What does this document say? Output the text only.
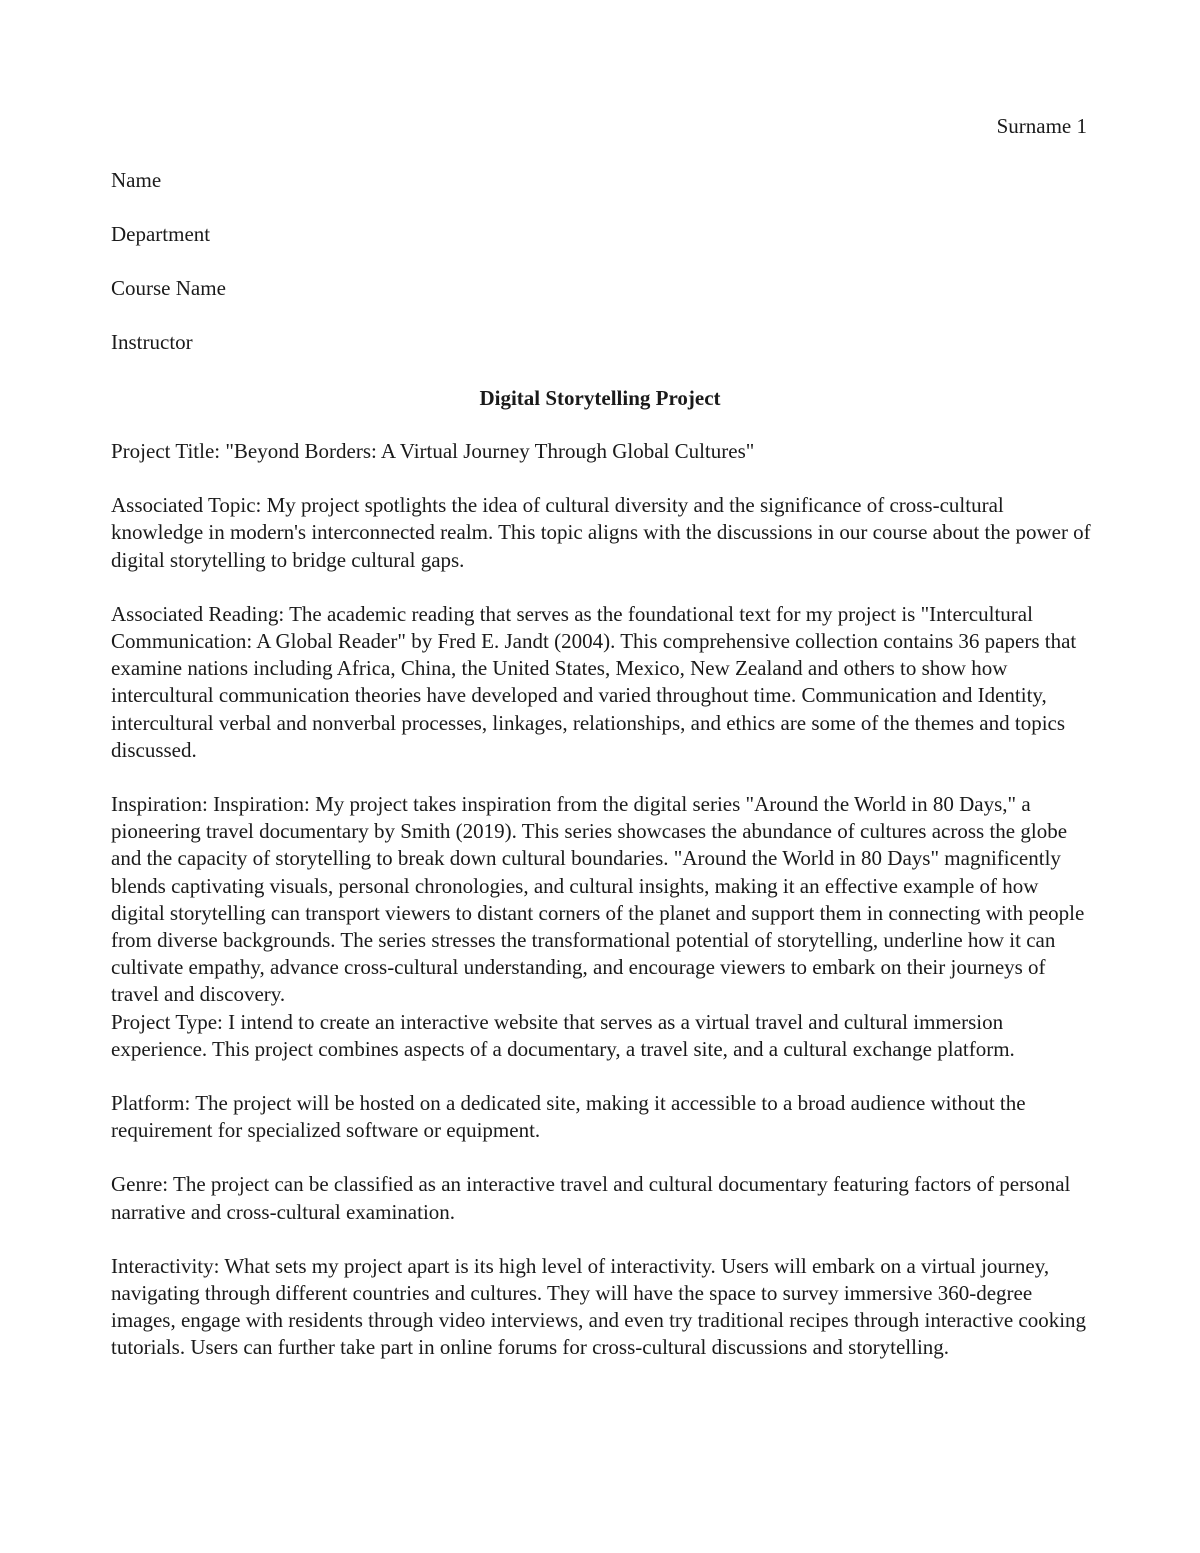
Surname 1
Name
Department
Course Name
Instructor
Digital Storytelling Project

Project Title: "Beyond Borders: A Virtual Journey Through Global Cultures"

Associated Topic: My project spotlights the idea of cultural diversity and the significance of cross-cultural knowledge in modern's interconnected realm. This topic aligns with the discussions in our course about the power of digital storytelling to bridge cultural gaps.

Associated Reading: The academic reading that serves as the foundational text for my project is "Intercultural Communication: A Global Reader" by Fred E. Jandt (2004). This comprehensive collection contains 36 papers that examine nations including Africa, China, the United States, Mexico, New Zealand and others to show how intercultural communication theories have developed and varied throughout time. Communication and Identity, intercultural verbal and nonverbal processes, linkages, relationships, and ethics are some of the themes and topics discussed.

Inspiration: Inspiration: My project takes inspiration from the digital series "Around the World in 80 Days," a pioneering travel documentary by Smith (2019). This series showcases the abundance of cultures across the globe and the capacity of storytelling to break down cultural boundaries. "Around the World in 80 Days" magnificently blends captivating visuals, personal chronologies, and cultural insights, making it an effective example of how digital storytelling can transport viewers to distant corners of the planet and support them in connecting with people from diverse backgrounds. The series stresses the transformational potential of storytelling, underline how it can cultivate empathy, advance cross-cultural understanding, and encourage viewers to embark on their journeys of travel and discovery.

Project Type: I intend to create an interactive website that serves as a virtual travel and cultural immersion experience. This project combines aspects of a documentary, a travel site, and a cultural exchange platform.

Platform: The project will be hosted on a dedicated site, making it accessible to a broad audience without the requirement for specialized software or equipment.

Genre: The project can be classified as an interactive travel and cultural documentary featuring factors of personal narrative and cross-cultural examination.

Interactivity: What sets my project apart is its high level of interactivity. Users will embark on a virtual journey, navigating through different countries and cultures. They will have the space to survey immersive 360-degree images, engage with residents through video interviews, and even try traditional recipes through interactive cooking tutorials. Users can further take part in online forums for cross-cultural discussions and storytelling.
